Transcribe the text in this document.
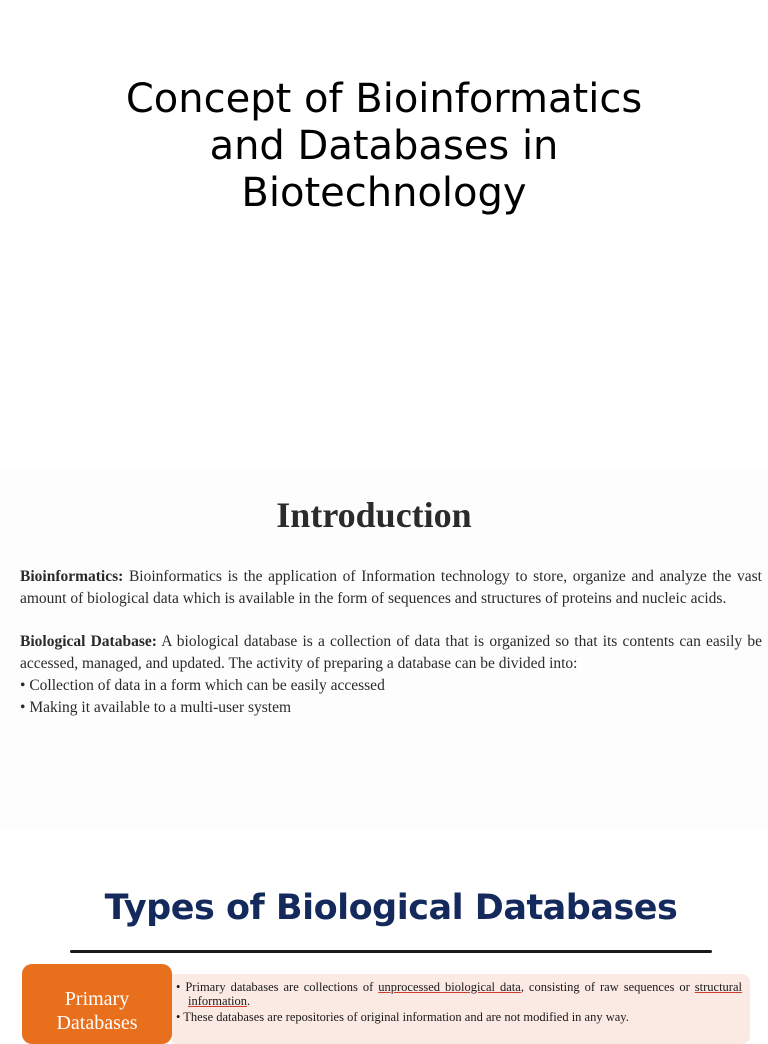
Concept of Bioinformatics
and Databases in
Biotechnology
Introduction

Bioinformatics: Bioinformatics is the application of Information technology to store, organize and analyze the vast amount of biological data which is available in the form of sequences and structures of proteins and nucleic acids.

Biological Database: A biological database is a collection of data that is organized so that its contents can easily be accessed, managed, and updated. The activity of preparing a database can be divided into:

• Collection of data in a form which can be easily accessed
• Making it available to a multi-user system
Types of Biological Databases
Primary Databases
• Primary databases are collections of unprocessed biological data, consisting of raw sequences or structural information.
• These databases are repositories of original information and are not modified in any way.
